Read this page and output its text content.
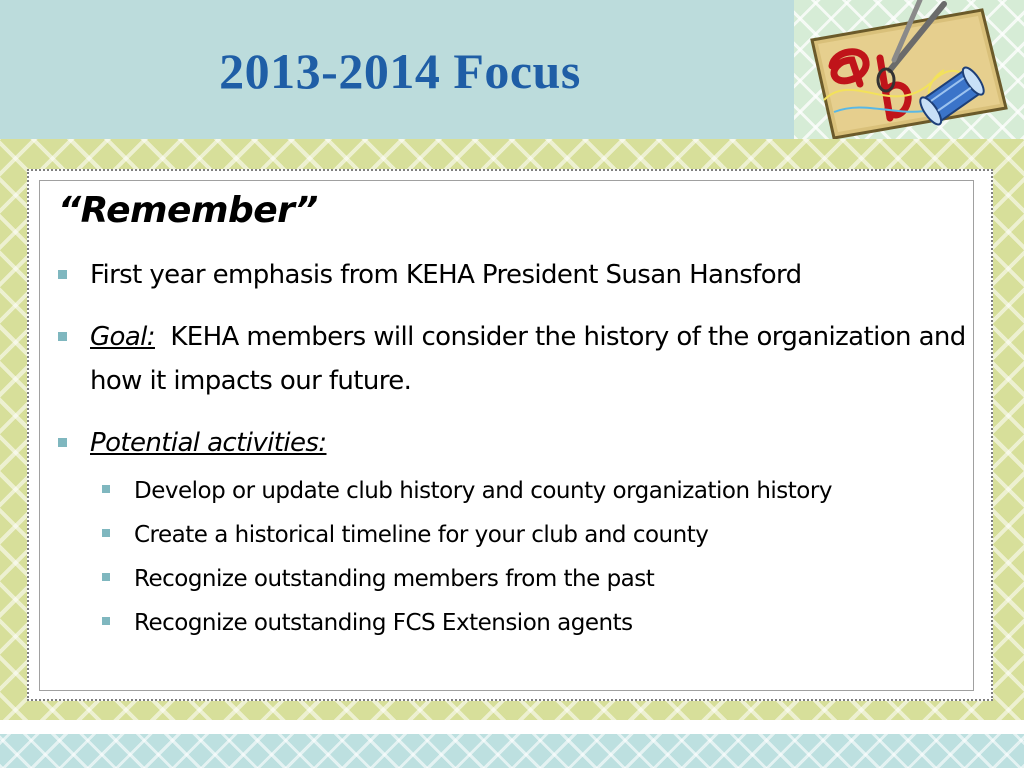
2013-2014 Focus
“Remember”
First year emphasis from KEHA President Susan Hansford
Goal: KEHA members will consider the history of the organization and how it impacts our future.
Potential activities:
Develop or update club history and county organization history
Create a historical timeline for your club and county
Recognize outstanding members from the past
Recognize outstanding FCS Extension agents
